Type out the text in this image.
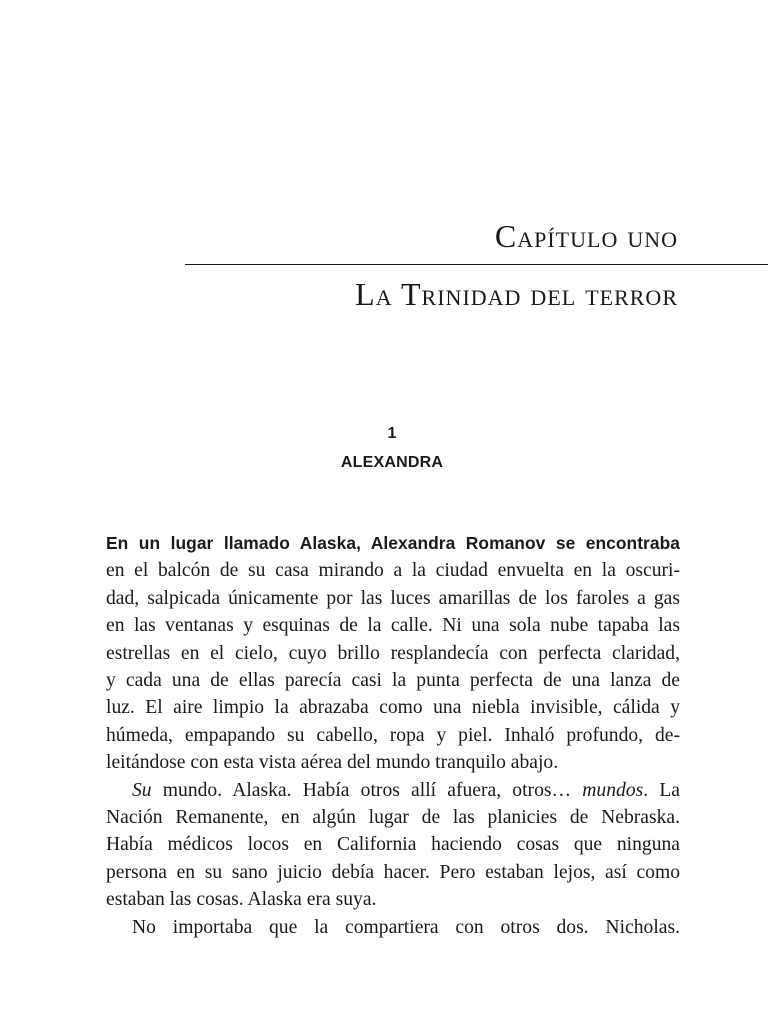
Capítulo uno
La Trinidad del terror
1
ALEXANDRA
En un lugar llamado Alaska, Alexandra Romanov se encontraba
en el balcón de su casa mirando a la ciudad envuelta en la oscuri-
dad, salpicada únicamente por las luces amarillas de los faroles a gas
en las ventanas y esquinas de la calle. Ni una sola nube tapaba las
estrellas en el cielo, cuyo brillo resplandecía con perfecta claridad,
y cada una de ellas parecía casi la punta perfecta de una lanza de
luz. El aire limpio la abrazaba como una niebla invisible, cálida y
húmeda, empapando su cabello, ropa y piel. Inhaló profundo, de-
leitándose con esta vista aérea del mundo tranquilo abajo.
Su mundo. Alaska. Había otros allí afuera, otros… mundos. La
Nación Remanente, en algún lugar de las planicies de Nebraska.
Había médicos locos en California haciendo cosas que ninguna
persona en su sano juicio debía hacer. Pero estaban lejos, así como
estaban las cosas. Alaska era suya.
No importaba que la compartiera con otros dos. Nicholas.
